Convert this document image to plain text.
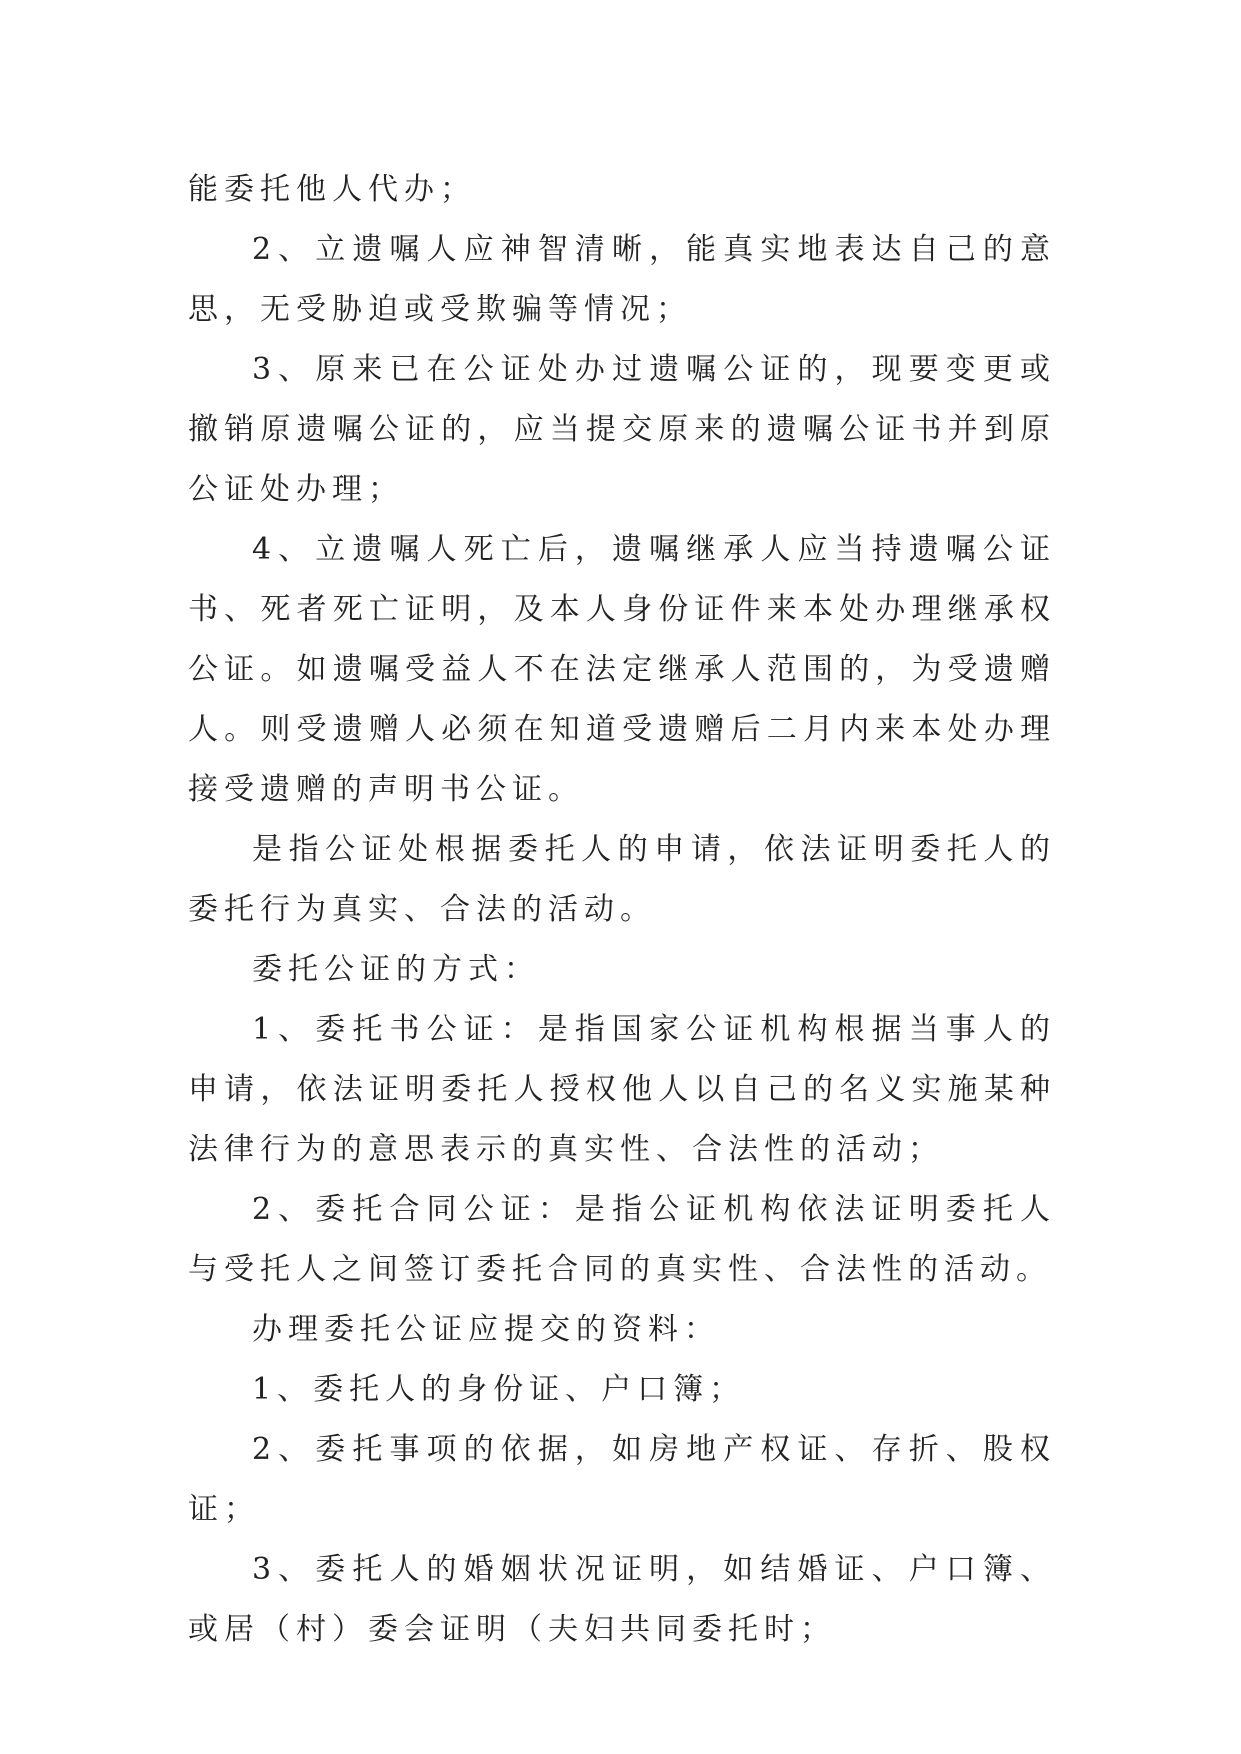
能委托他人代办；

2、立遗嘱人应神智清晰，能真实地表达自己的意思，无受胁迫或受欺骗等情况；

3、原来已在公证处办过遗嘱公证的，现要变更或撤销原遗嘱公证的，应当提交原来的遗嘱公证书并到原公证处办理；

4、立遗嘱人死亡后，遗嘱继承人应当持遗嘱公证书、死者死亡证明，及本人身份证件来本处办理继承权公证。如遗嘱受益人不在法定继承人范围的，为受遗赠人。则受遗赠人必须在知道受遗赠后二月内来本处办理接受遗赠的声明书公证。

是指公证处根据委托人的申请，依法证明委托人的委托行为真实、合法的活动。

委托公证的方式：

1、委托书公证：是指国家公证机构根据当事人的申请，依法证明委托人授权他人以自己的名义实施某种法律行为的意思表示的真实性、合法性的活动；

2、委托合同公证：是指公证机构依法证明委托人与受托人之间签订委托合同的真实性、合法性的活动。

办理委托公证应提交的资料：

1、委托人的身份证、户口簿；

2、委托事项的依据，如房地产权证、存折、股权证；

3、委托人的婚姻状况证明，如结婚证、户口簿、或居（村）委会证明（夫妇共同委托时；
